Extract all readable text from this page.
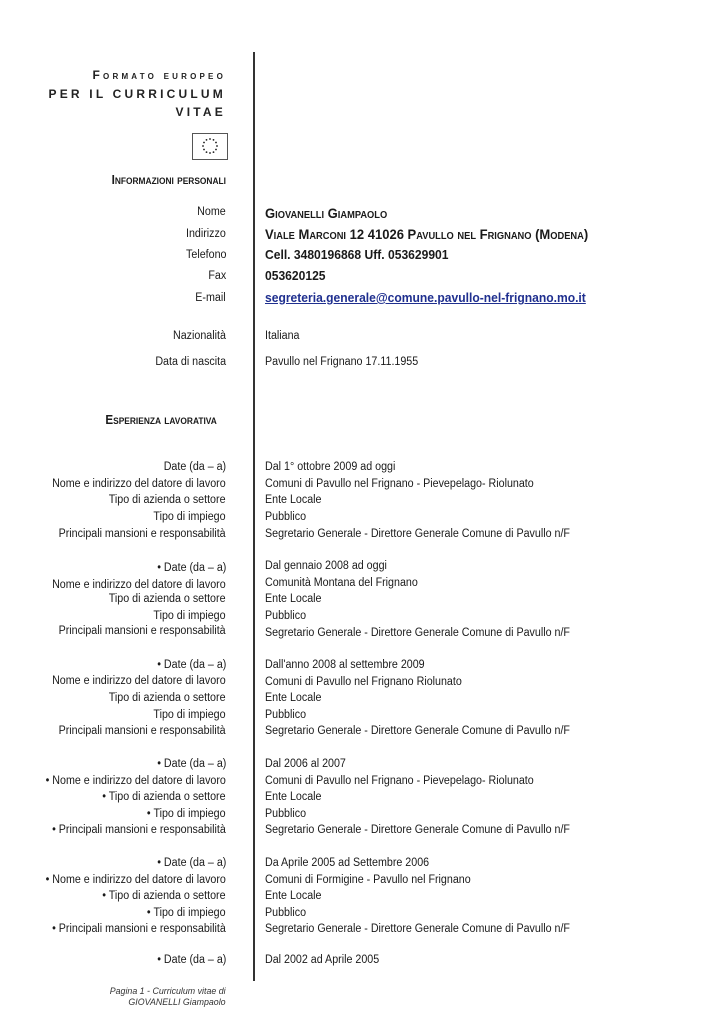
Formato europeo
PER IL CURRICULUM
VITAE
Informazioni personali
Nome	Giovanelli Giampaolo
Indirizzo	Viale Marconi 12 41026 Pavullo nel Frignano (Modena)
Telefono	Cell. 3480196868 Uff. 053629901
Fax	053620125
E-mail	segreteria.generale@comune.pavullo-nel-frignano.mo.it
Nazionalità	Italiana
Data di nascita	Pavullo nel Frignano 17.11.1955
Esperienza lavorativa
Date (da – a)	Dal 1° ottobre 2009 ad oggi
Nome e indirizzo del datore di lavoro	Comuni di Pavullo nel Frignano - Pievepelago- Riolunato
Tipo di azienda o settore	Ente Locale
Tipo di impiego	Pubblico
Principali mansioni e responsabilità	Segretario Generale - Direttore Generale Comune di Pavullo n/F
• Date (da – a)	Dal gennaio 2008 ad oggi
Nome e indirizzo del datore di lavoro	Comunità Montana del Frignano
Tipo di azienda o settore	Ente Locale
Tipo di impiego	Pubblico
Principali mansioni e responsabilità	Segretario Generale - Direttore Generale Comune di Pavullo n/F
• Date (da – a)	Dall'anno 2008 al settembre 2009
Nome e indirizzo del datore di lavoro	Comuni di Pavullo nel Frignano Riolunato
Tipo di azienda o settore	Ente Locale
Tipo di impiego	Pubblico
Principali mansioni e responsabilità	Segretario Generale - Direttore Generale Comune di Pavullo n/F
• Date (da – a)	Dal 2006 al 2007
• Nome e indirizzo del datore di lavoro	Comuni di Pavullo nel Frignano - Pievepelago- Riolunato
• Tipo di azienda o settore	Ente Locale
• Tipo di impiego	Pubblico
• Principali mansioni e responsabilità	Segretario Generale - Direttore Generale Comune di Pavullo n/F
• Date (da – a)	Da Aprile 2005 ad Settembre 2006
• Nome e indirizzo del datore di lavoro	Comuni di Formigine - Pavullo nel Frignano
• Tipo di azienda o settore	Ente Locale
• Tipo di impiego	Pubblico
• Principali mansioni e responsabilità	Segretario Generale - Direttore Generale Comune di Pavullo n/F
• Date (da – a)	Dal 2002 ad Aprile 2005
Pagina 1 - Curriculum vitae di
GIOVANELLI Giampaolo
